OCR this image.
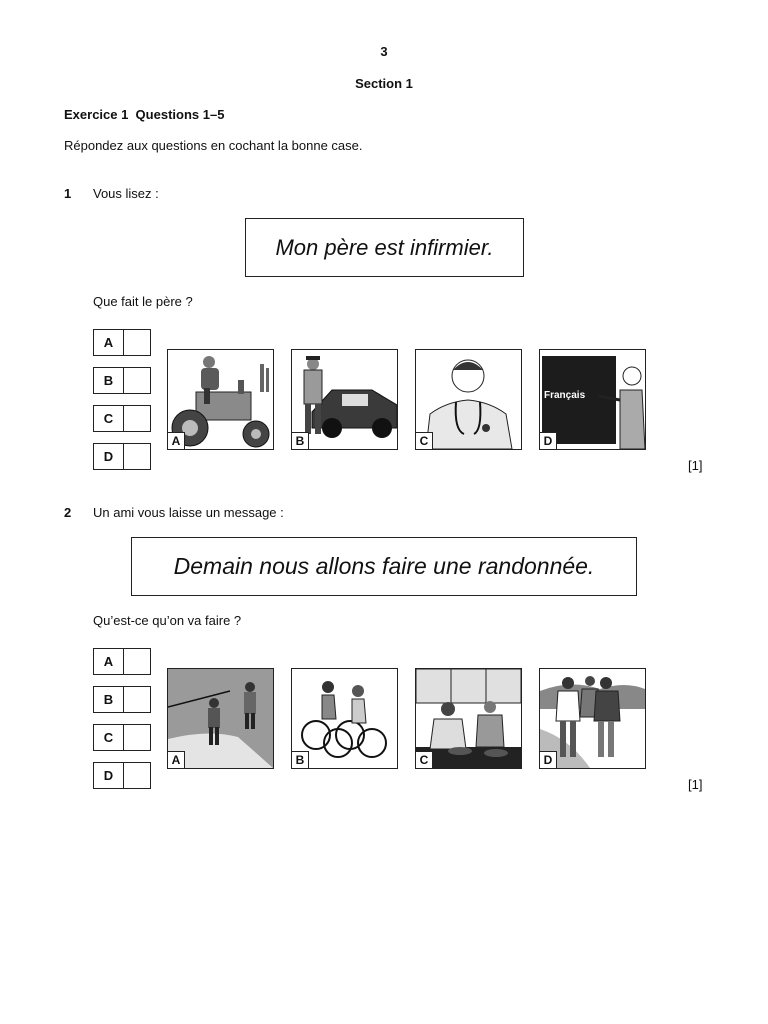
3
Section 1
Exercice 1  Questions 1–5
Répondez aux questions en cochant la bonne case.
1 Vous lisez :
Mon père est infirmier.
Que fait le père ?
A
B
C
D
A	B	C
Français
D
[1]
2 Un ami vous laisse un message :
Demain nous allons faire une randonnée.
Qu’est-ce qu’on va faire ?
A
B
C
D
A	B	C	D
[1]
